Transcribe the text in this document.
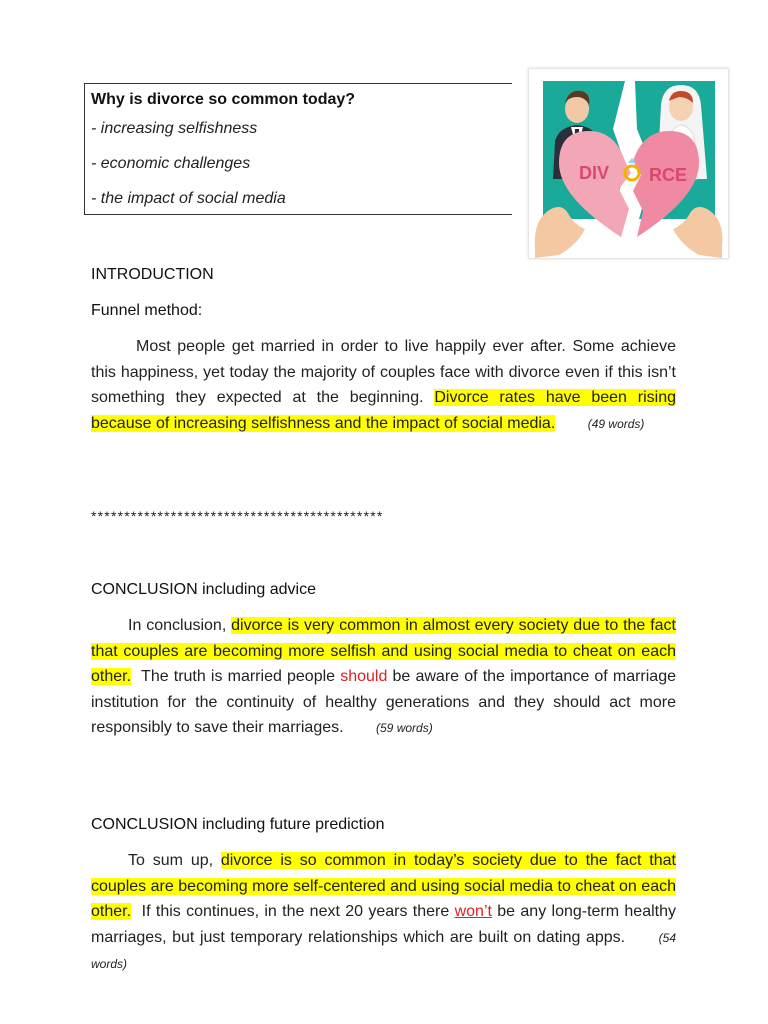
Why is divorce so common today?

- increasing selfishness

- economic challenges

- the impact of social media

DIV RCE
INTRODUCTION
Funnel method:

Most people get married in order to live happily ever after. Some achieve this happiness, yet today the majority of couples face with divorce even if this isn’t something they expected at the beginning. Divorce rates have been rising because of increasing selfishness and the impact of social media.	(49 words)

********************************************
CONCLUSION including advice

In conclusion, divorce is very common in almost every society due to the fact that couples are becoming more selfish and using social media to cheat on each other. The truth is married people should be aware of the importance of marriage institution for the continuity of healthy generations and they should act more responsibly to save their marriages.	(59 words)

CONCLUSION including future prediction

To sum up, divorce is so common in today’s society due to the fact that couples are becoming more self-centered and using social media to cheat on each other. If this continues, in the next 20 years there won’t be any long-term healthy marriages, but just temporary relationships which are built on dating apps.	(54 words)
